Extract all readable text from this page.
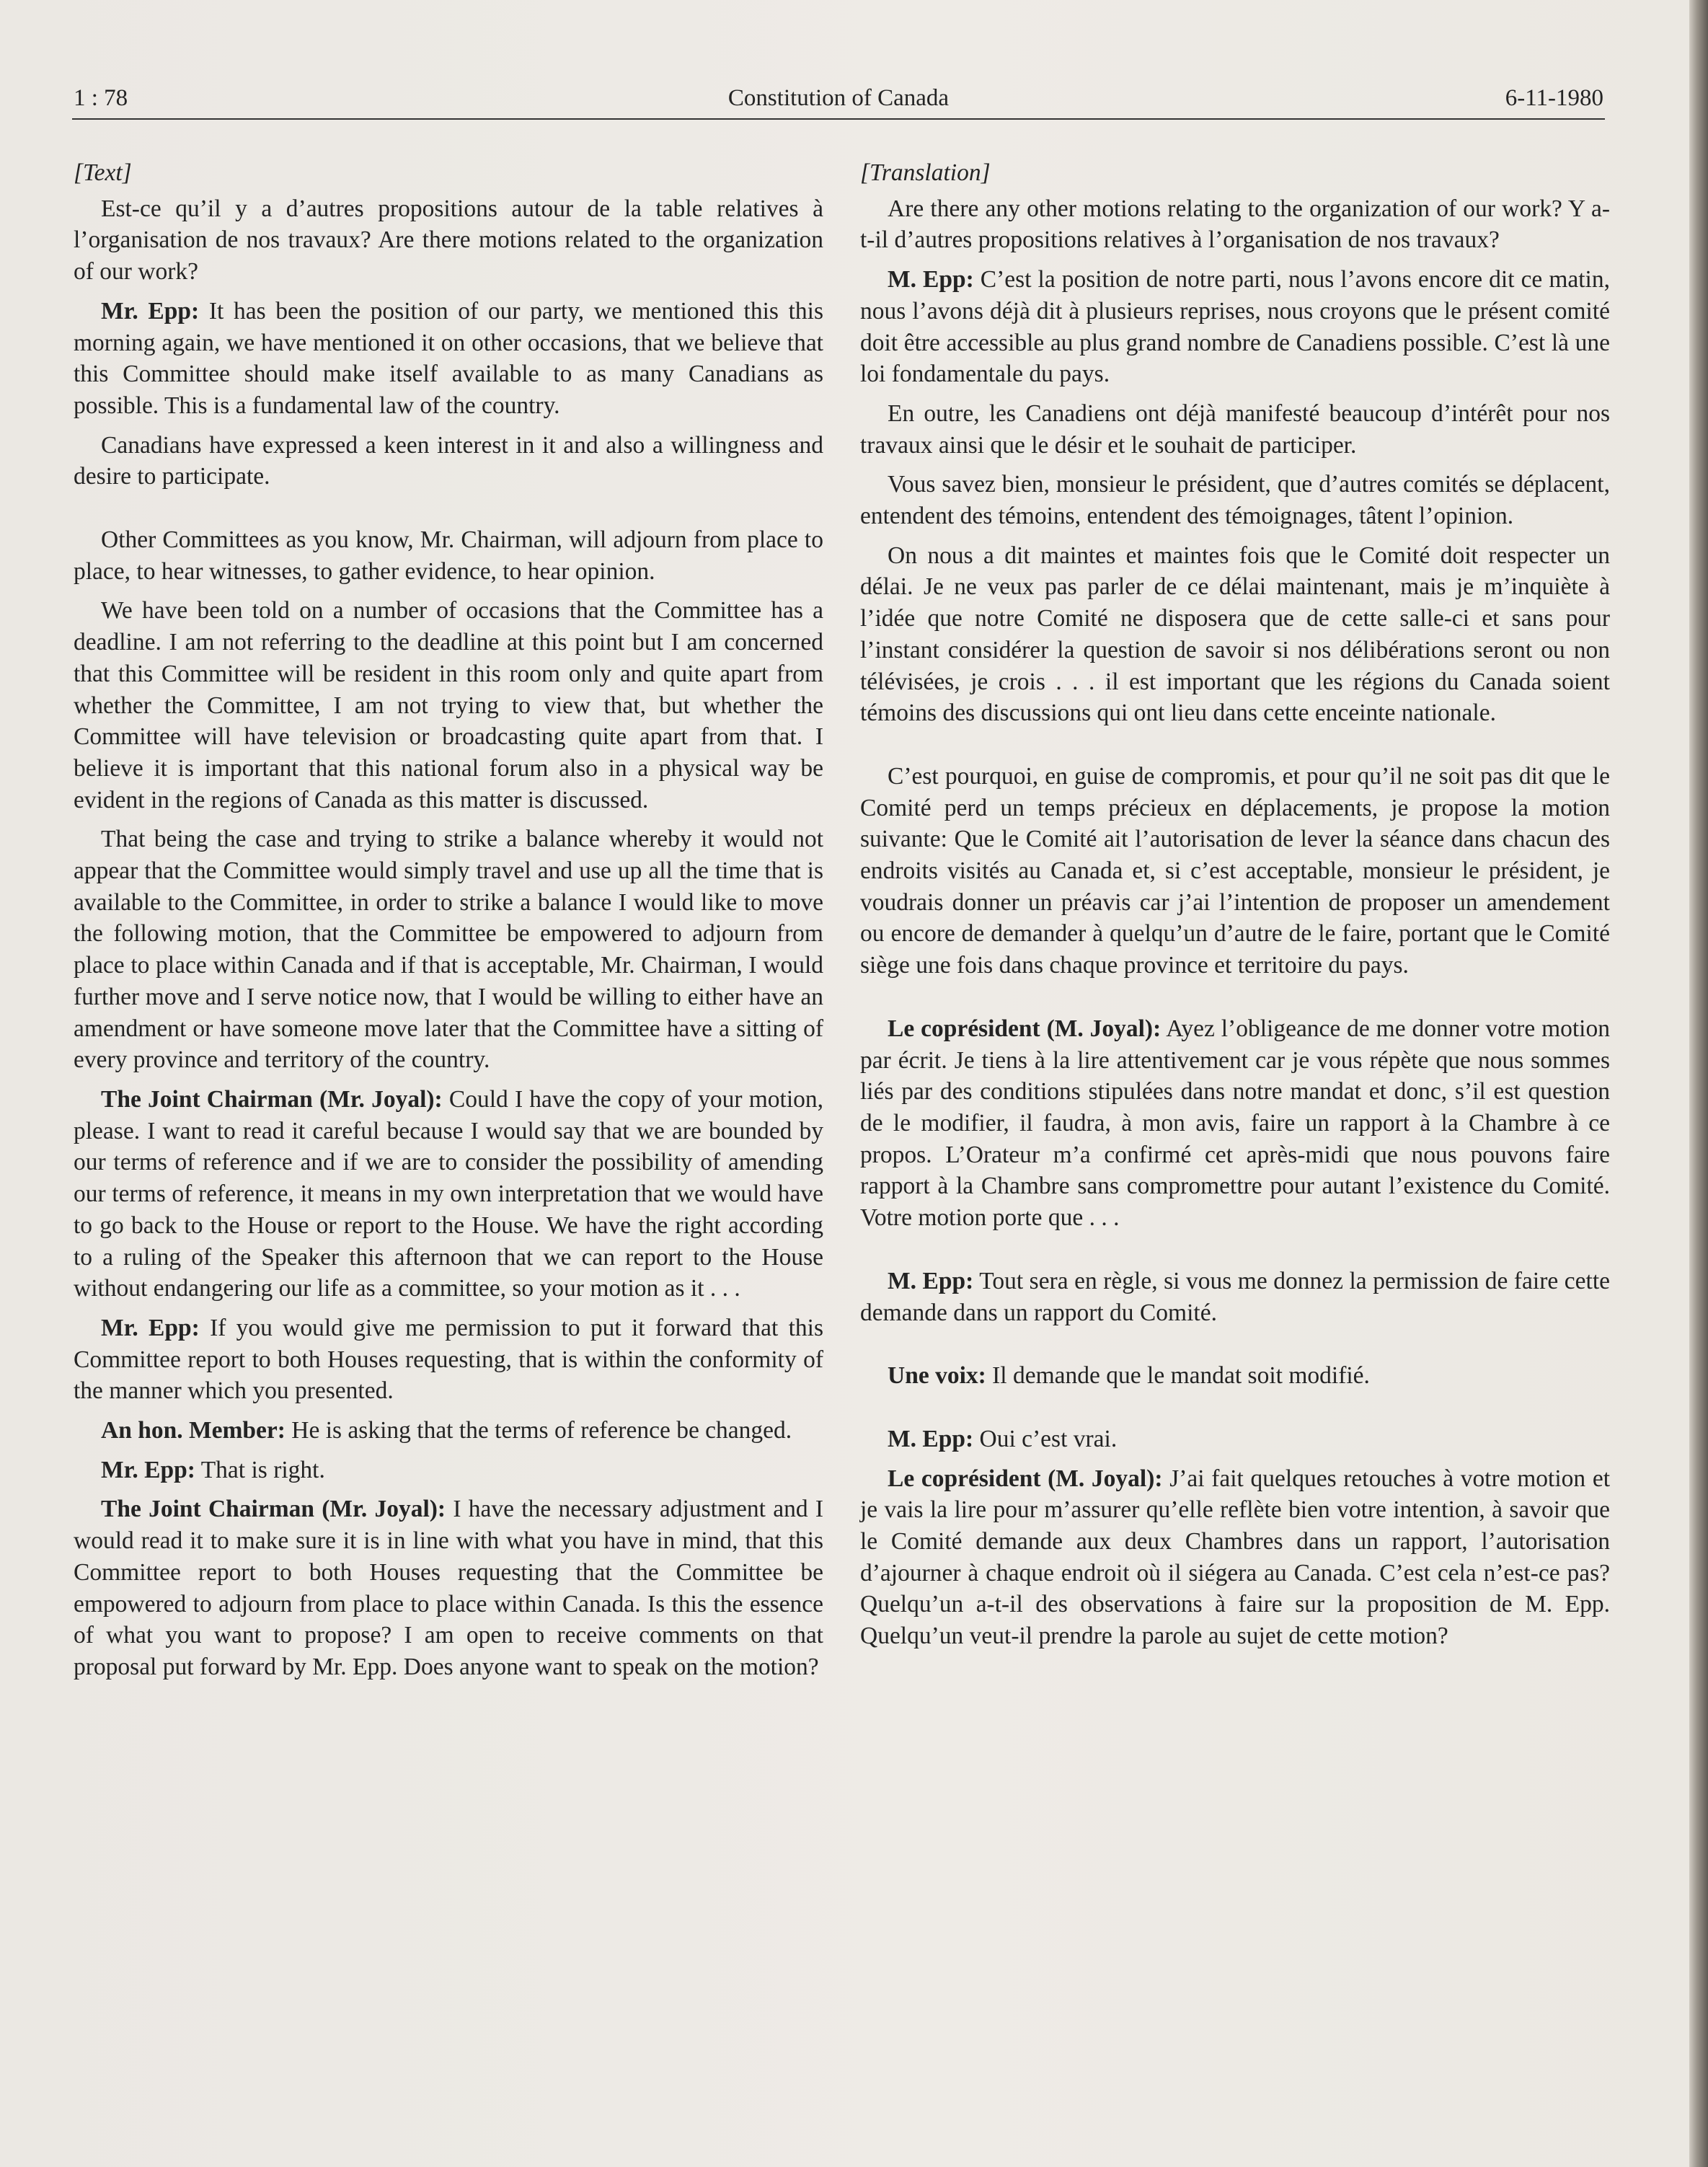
1 : 78	Constitution of Canada	6-11-1980

[Text]

Est-ce qu’il y a d’autres propositions autour de la table relatives à l’organisation de nos travaux? Are there motions related to the organization of our work?

Mr. Epp: It has been the position of our party, we mentioned this this morning again, we have mentioned it on other occasions, that we believe that this Committee should make itself available to as many Canadians as possible. This is a fundamental law of the country.

Canadians have expressed a keen interest in it and also a willingness and desire to participate.

Other Committees as you know, Mr. Chairman, will adjourn from place to place, to hear witnesses, to gather evidence, to hear opinion.

We have been told on a number of occasions that the Committee has a deadline. I am not referring to the deadline at this point but I am concerned that this Committee will be resident in this room only and quite apart from whether the Committee, I am not trying to view that, but whether the Committee will have television or broadcasting quite apart from that. I believe it is important that this national forum also in a physical way be evident in the regions of Canada as this matter is discussed.

That being the case and trying to strike a balance whereby it would not appear that the Committee would simply travel and use up all the time that is available to the Committee, in order to strike a balance I would like to move the following motion, that the Committee be empowered to adjourn from place to place within Canada and if that is acceptable, Mr. Chairman, I would further move and I serve notice now, that I would be willing to either have an amendment or have someone move later that the Committee have a sitting of every province and territory of the country.

The Joint Chairman (Mr. Joyal): Could I have the copy of your motion, please. I want to read it careful because I would say that we are bounded by our terms of reference and if we are to consider the possibility of amending our terms of reference, it means in my own interpretation that we would have to go back to the House or report to the House. We have the right according to a ruling of the Speaker this afternoon that we can report to the House without endangering our life as a committee, so your motion as it . . .

Mr. Epp: If you would give me permission to put it forward that this Committee report to both Houses requesting, that is within the conformity of the manner which you presented.

An hon. Member: He is asking that the terms of reference be changed.

Mr. Epp: That is right.

The Joint Chairman (Mr. Joyal): I have the necessary adjustment and I would read it to make sure it is in line with what you have in mind, that this Committee report to both Houses requesting that the Committee be empowered to adjourn from place to place within Canada. Is this the essence of what you want to propose? I am open to receive comments on that proposal put forward by Mr. Epp. Does anyone want to speak on the motion?

[Translation]

Are there any other motions relating to the organization of our work? Y a-t-il d’autres propositions relatives à l’organisation de nos travaux?

M. Epp: C’est la position de notre parti, nous l’avons encore dit ce matin, nous l’avons déjà dit à plusieurs reprises, nous croyons que le présent comité doit être accessible au plus grand nombre de Canadiens possible. C’est là une loi fondamentale du pays.

En outre, les Canadiens ont déjà manifesté beaucoup d’intérêt pour nos travaux ainsi que le désir et le souhait de participer.

Vous savez bien, monsieur le président, que d’autres comités se déplacent, entendent des témoins, entendent des témoignages, tâtent l’opinion.

On nous a dit maintes et maintes fois que le Comité doit respecter un délai. Je ne veux pas parler de ce délai maintenant, mais je m’inquiète à l’idée que notre Comité ne disposera que de cette salle-ci et sans pour l’instant considérer la question de savoir si nos délibérations seront ou non télévisées, je crois . . . il est important que les régions du Canada soient témoins des discussions qui ont lieu dans cette enceinte nationale.

C’est pourquoi, en guise de compromis, et pour qu’il ne soit pas dit que le Comité perd un temps précieux en déplacements, je propose la motion suivante: Que le Comité ait l’autorisation de lever la séance dans chacun des endroits visités au Canada et, si c’est acceptable, monsieur le président, je voudrais donner un préavis car j’ai l’intention de proposer un amendement ou encore de demander à quelqu’un d’autre de le faire, portant que le Comité siège une fois dans chaque province et territoire du pays.

Le coprésident (M. Joyal): Ayez l’obligeance de me donner votre motion par écrit. Je tiens à la lire attentivement car je vous répète que nous sommes liés par des conditions stipulées dans notre mandat et donc, s’il est question de le modifier, il faudra, à mon avis, faire un rapport à la Chambre à ce propos. L’Orateur m’a confirmé cet après-midi que nous pouvons faire rapport à la Chambre sans compromettre pour autant l’existence du Comité. Votre motion porte que . . .

M. Epp: Tout sera en règle, si vous me donnez la permission de faire cette demande dans un rapport du Comité.

Une voix: Il demande que le mandat soit modifié.

M. Epp: Oui c’est vrai.

Le coprésident (M. Joyal): J’ai fait quelques retouches à votre motion et je vais la lire pour m’assurer qu’elle reflète bien votre intention, à savoir que le Comité demande aux deux Chambres dans un rapport, l’autorisation d’ajourner à chaque endroit où il siégera au Canada. C’est cela n’est-ce pas? Quelqu’un a-t-il des observations à faire sur la proposition de M. Epp. Quelqu’un veut-il prendre la parole au sujet de cette motion?
